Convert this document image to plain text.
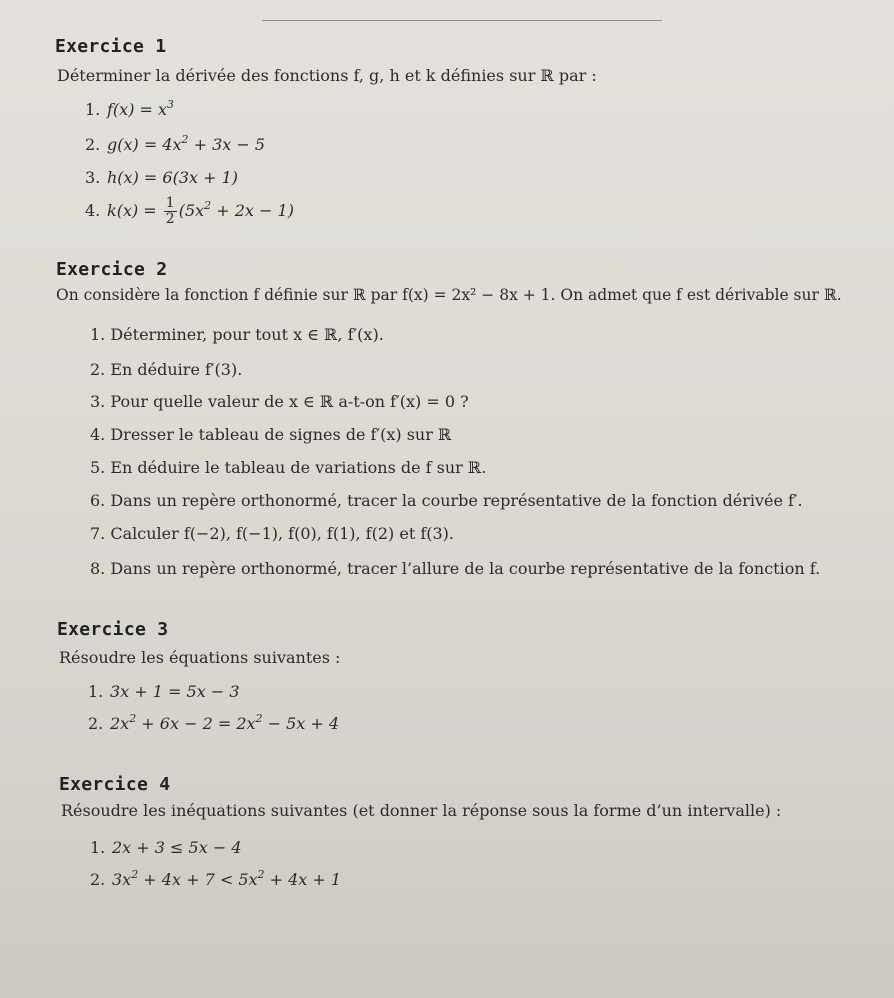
Exercice 1

Déterminer la dérivée des fonctions f, g, h et k définies sur ℝ par :

1. $f(x) = x^3$
2. $g(x) = 4x^2 + 3x - 5$
3. h(x) = 6(3x + 1)
4. $k(x) = \frac{1}{2} (5x^2 + 2x - 1)$
Exercice 2

On considère la fonction f définie sur ℝ par f(x) = 2x² − 8x + 1. On admet que f est dérivable sur ℝ.

1. Déterminer, pour tout x ∈ ℝ, f′(x).
2. En déduire f′(3).
3. Pour quelle valeur de x ∈ ℝ a-t-on f′(x) = 0 ?
4. Dresser le tableau de signes de f′(x) sur ℝ
5. En déduire le tableau de variations de f sur ℝ.
6. Dans un repère orthonormé, tracer la courbe représentative de la fonction dérivée f′.
7. Calculer f(−2), f(−1), f(0), f(1), f(2) et f(3).
8. Dans un repère orthonormé, tracer l’allure de la courbe représentative de la fonction f.
Exercice 3

Résoudre les équations suivantes :

1. 3x + 1 = 5x − 3
2. $2x^2 + 6x - 2 = 2x^2 - 5x + 4$
Exercice 4

Résoudre les inéquations suivantes (et donner la réponse sous la forme d’un intervalle) :

1. 2x + 3 ≤ 5x − 4
2. $3x^2 + 4x + 7 < 5x^2 + 4x + 1$
